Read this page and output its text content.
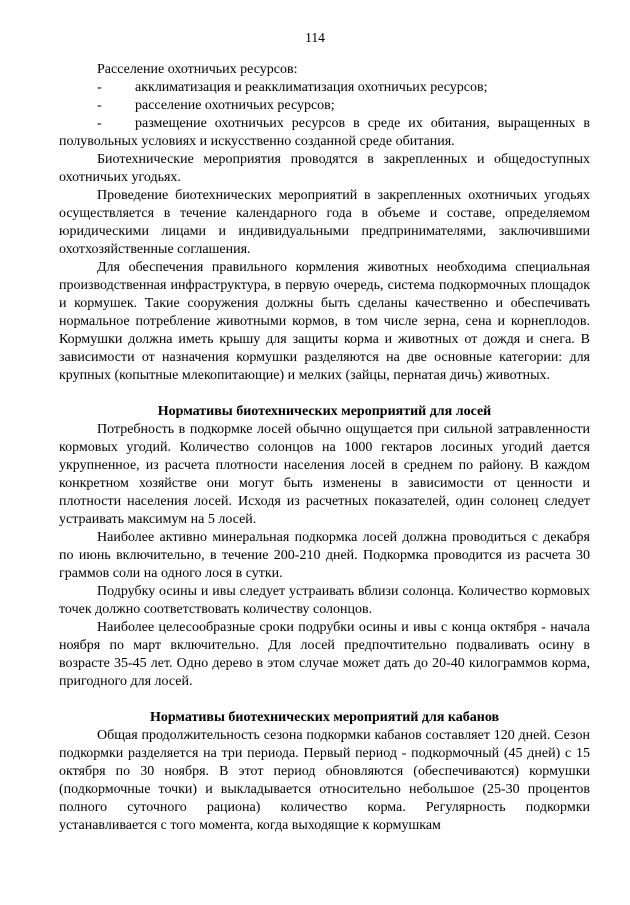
114

Расселение охотничьих ресурсов:

- акклиматизация и реакклиматизация охотничьих ресурсов;

- расселение охотничьих ресурсов;

- размещение охотничьих ресурсов в среде их обитания, выращенных в полувольных условиях и искусственно созданной среде обитания.

Биотехнические мероприятия проводятся в закрепленных и общедоступных охотничьих угодьях.

Проведение биотехнических мероприятий в закрепленных охотничьих угодьях осуществляется в течение календарного года в объеме и составе, определяемом юридическими лицами и индивидуальными предпринимателями, заключившими охотхозяйственные соглашения.

Для обеспечения правильного кормления животных необходима специальная производственная инфраструктура, в первую очередь, система подкормочных площадок и кормушек. Такие сооружения должны быть сделаны качественно и обеспечивать нормальное потребление животными кормов, в том числе зерна, сена и корнеплодов. Кормушки должна иметь крышу для защиты корма и животных от дождя и снега. В зависимости от назначения кормушки разделяются на две основные категории: для крупных (копытные млекопитающие) и мелких (зайцы, пернатая дичь) животных.

Нормативы биотехнических мероприятий для лосей

Потребность в подкормке лосей обычно ощущается при сильной затравленности кормовых угодий. Количество солонцов на 1000 гектаров лосиных угодий дается укрупненное, из расчета плотности населения лосей в среднем по району. В каждом конкретном хозяйстве они могут быть изменены в зависимости от ценности и плотности населения лосей. Исходя из расчетных показателей, один солонец следует устраивать максимум на 5 лосей.

Наиболее активно минеральная подкормка лосей должна проводиться с декабря по июнь включительно, в течение 200-210 дней. Подкормка проводится из расчета 30 граммов соли на одного лося в сутки.

Подрубку осины и ивы следует устраивать вблизи солонца. Количество кормовых точек должно соответствовать количеству солонцов.

Наиболее целесообразные сроки подрубки осины и ивы с конца октября - начала ноября по март включительно. Для лосей предпочтительно подваливать осину в возрасте 35-45 лет. Одно дерево в этом случае может дать до 20-40 килограммов корма, пригодного для лосей.

Нормативы биотехнических мероприятий для кабанов

Общая продолжительность сезона подкормки кабанов составляет 120 дней. Сезон подкормки разделяется на три периода. Первый период - подкормочный (45 дней) с 15 октября по 30 ноября. В этот период обновляются (обеспечиваются) кормушки (подкормочные точки) и выкладывается относительно небольшое (25-30 процентов полного суточного рациона) количество корма. Регулярность подкормки устанавливается с того момента, когда выходящие к кормушкам
